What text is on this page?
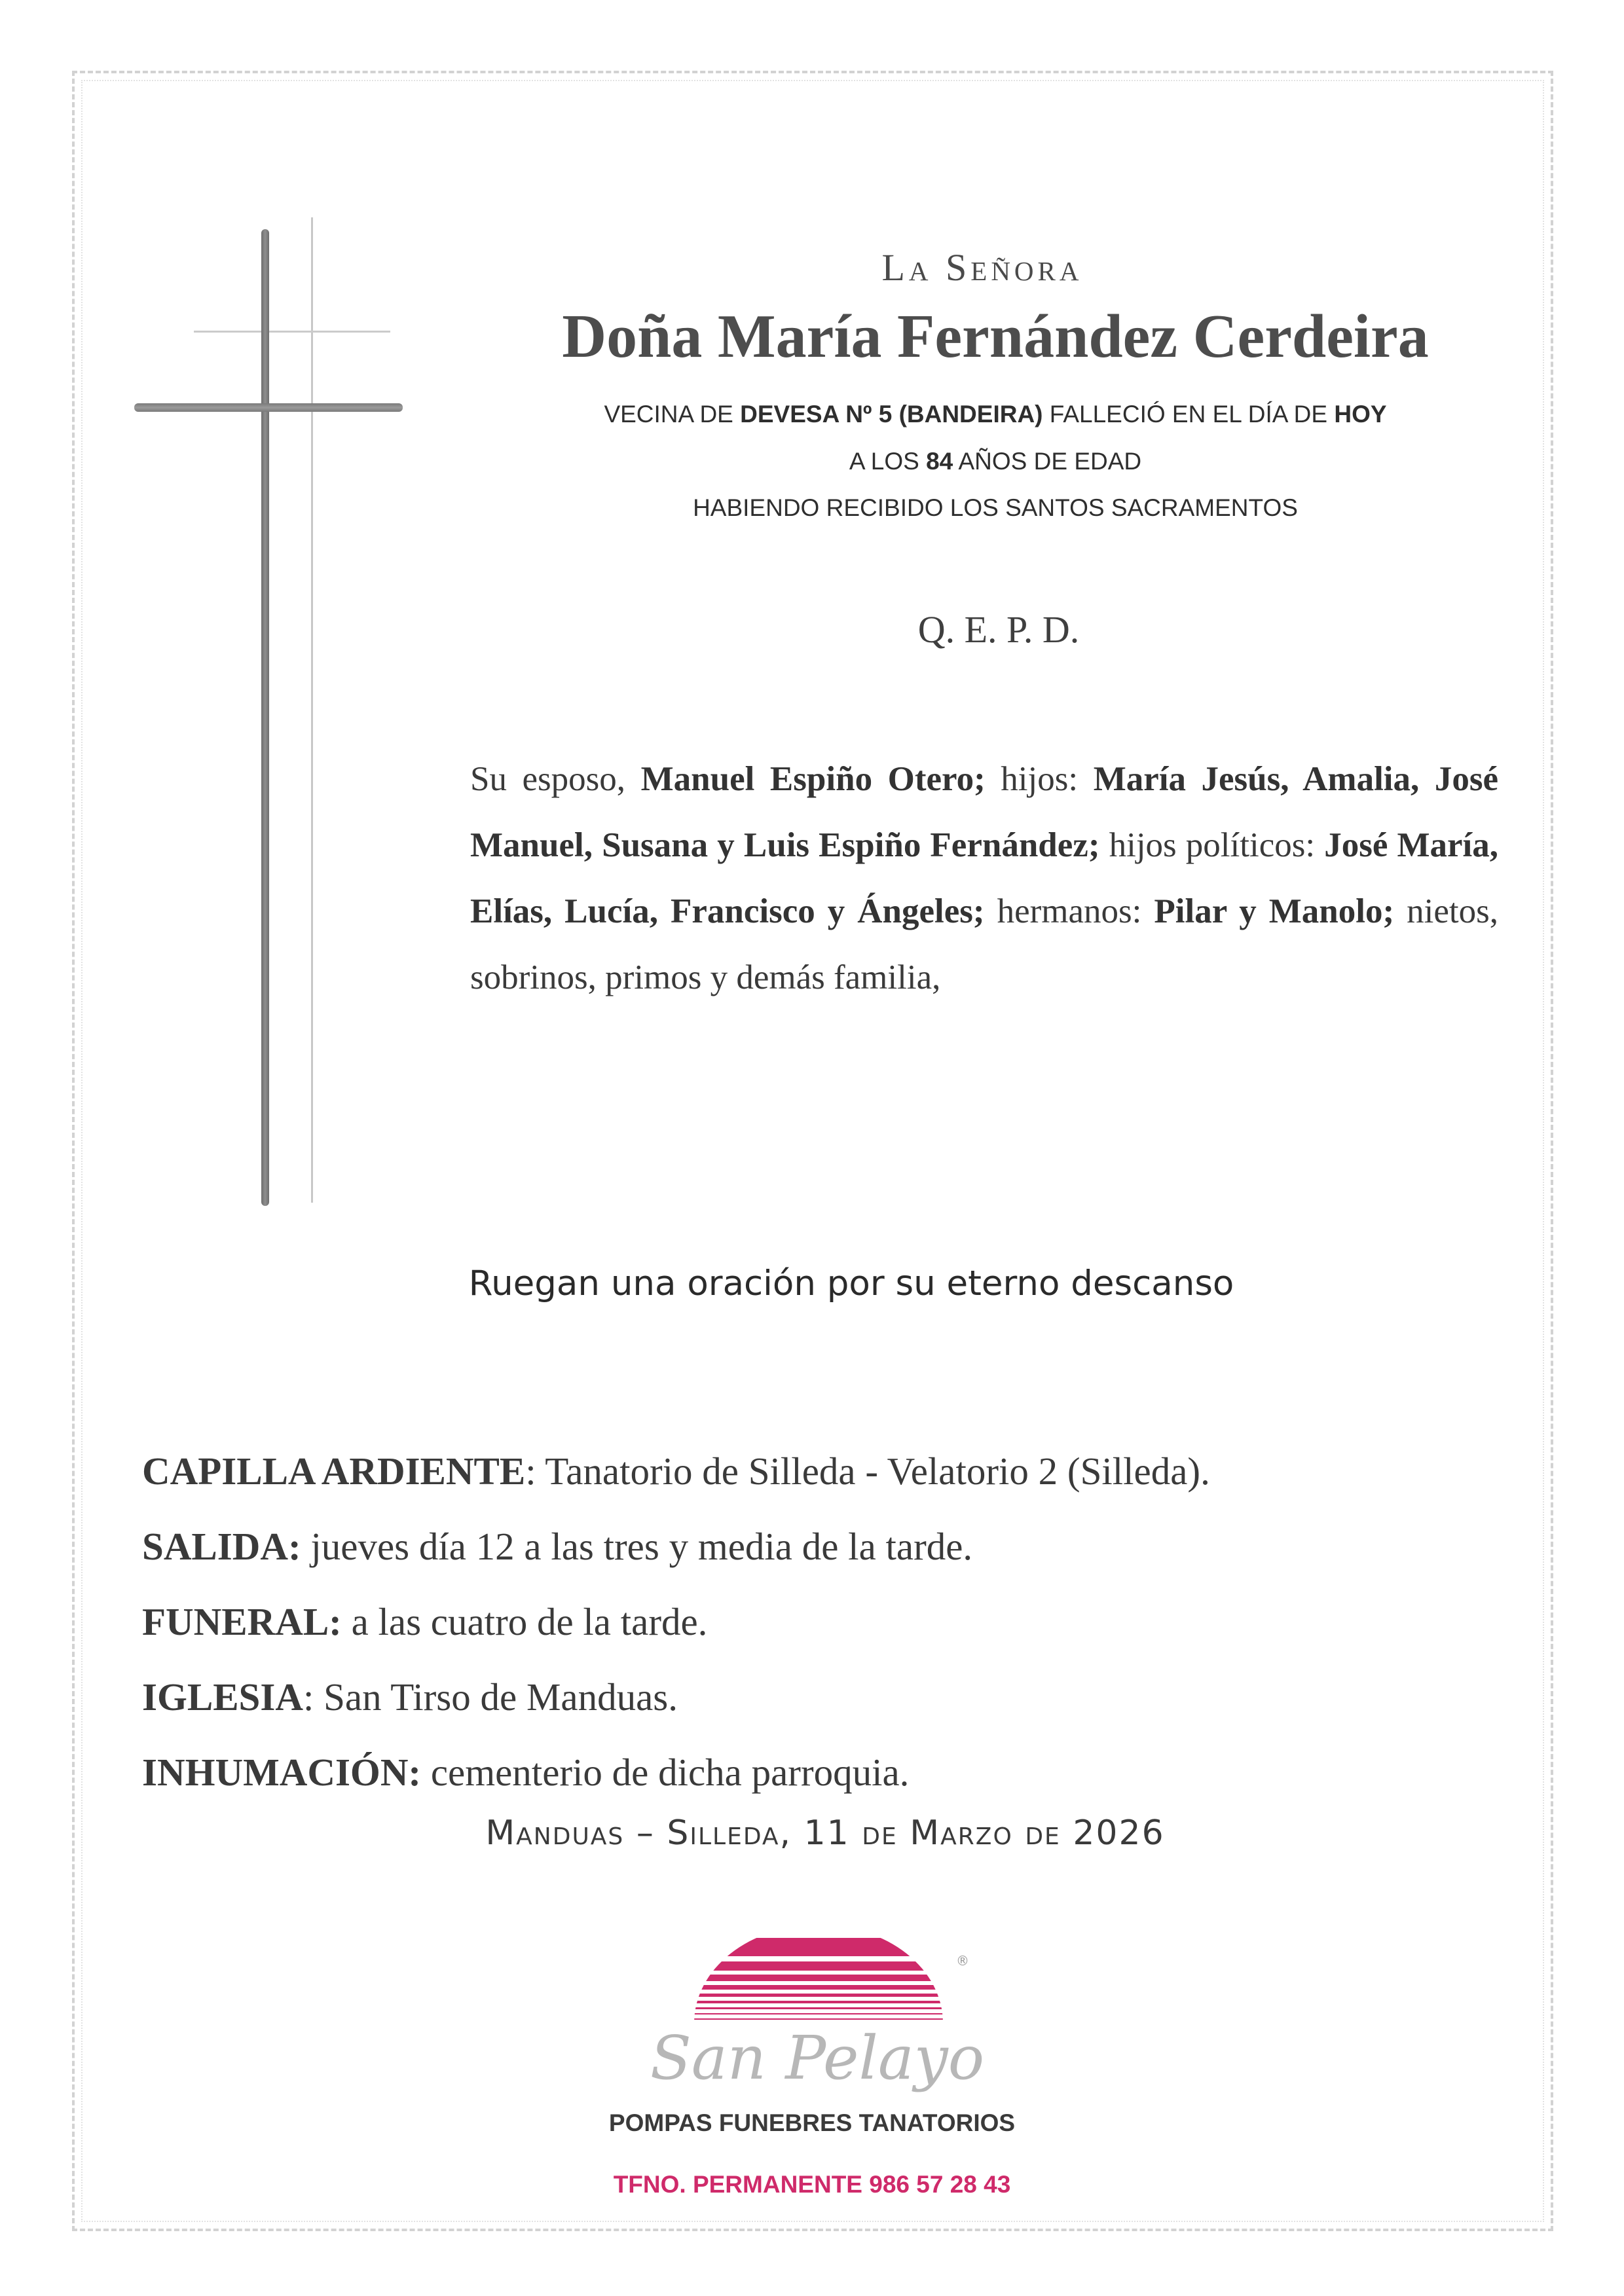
La Señora
Doña María Fernández Cerdeira
VECINA DE DEVESA Nº 5 (BANDEIRA) FALLECIÓ EN EL DÍA DE HOY
A LOS 84 AÑOS DE EDAD
HABIENDO RECIBIDO LOS SANTOS SACRAMENTOS
Q. E. P. D.
Su esposo, Manuel Espiño Otero; hijos: María Jesús, Amalia, José Manuel, Susana y Luis Espiño Fernández; hijos políticos: José María, Elías, Lucía, Francisco y Ángeles; hermanos: Pilar y Manolo; nietos, sobrinos, primos y demás familia,
Ruegan una oración por su eterno descanso
CAPILLA ARDIENTE: Tanatorio de Silleda - Velatorio 2 (Silleda).
SALIDA: jueves día 12 a las tres y media de la tarde.
FUNERAL: a las cuatro de la tarde.
IGLESIA: San Tirso de Manduas.
INHUMACIÓN: cementerio de dicha parroquia.
Manduas – Silleda, 11 de Marzo de 2026
®
San Pelayo
POMPAS FUNEBRES TANATORIOS
TFNO. PERMANENTE 986 57 28 43
